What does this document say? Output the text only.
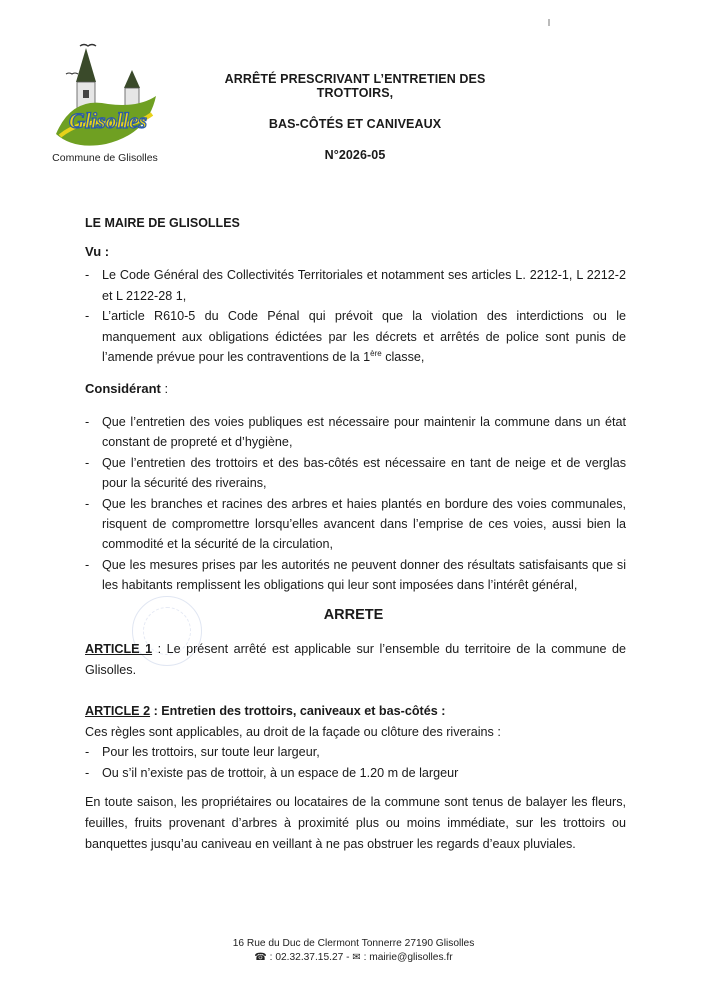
Glisolles
Commune de Glisolles

ARRÊTÉ PRESCRIVANT L’ENTRETIEN DES TROTTOIRS,

BAS-CÔTÉS ET CANIVEAUX

N°2026-05

LE MAIRE DE GLISOLLES
Vu :
- Le Code Général des Collectivités Territoriales et notamment ses articles L. 2212-1, L 2212-2 et L 2122-28 1,
- L’article R610-5 du Code Pénal qui prévoit que la violation des interdictions ou le manquement aux obligations édictées par les décrets et arrêtés de police sont punis de l’amende prévue pour les contraventions de la 1ère classe,
Considérant :
- Que l’entretien des voies publiques est nécessaire pour maintenir la commune dans un état constant de propreté et d’hygiène,
- Que l’entretien des trottoirs et des bas-côtés est nécessaire en tant de neige et de verglas pour la sécurité des riverains,
- Que les branches et racines des arbres et haies plantés en bordure des voies communales, risquent de compromettre lorsqu’elles avancent dans l’emprise de ces voies, aussi bien la commodité et la sécurité de la circulation,
- Que les mesures prises par les autorités ne peuvent donner des résultats satisfaisants que si les habitants remplissent les obligations qui leur sont imposées dans l’intérêt général,
ARRETE
ARTICLE 1 : Le présent arrêté est applicable sur l’ensemble du territoire de la commune de Glisolles.
ARTICLE 2 : Entretien des trottoirs, caniveaux et bas-côtés :
Ces règles sont applicables, au droit de la façade ou clôture des riverains :
- Pour les trottoirs, sur toute leur largeur,
- Ou s’il n’existe pas de trottoir, à un espace de 1.20 m de largeur
En toute saison, les propriétaires ou locataires de la commune sont tenus de balayer les fleurs, feuilles, fruits provenant d’arbres à proximité plus ou moins immédiate, sur les trottoirs ou banquettes jusqu’au caniveau en veillant à ne pas obstruer les regards d’eaux pluviales.
16 Rue du Duc de Clermont Tonnerre 27190 Glisolles
☎ : 02.32.37.15.27 - ✉ : mairie@glisolles.fr
